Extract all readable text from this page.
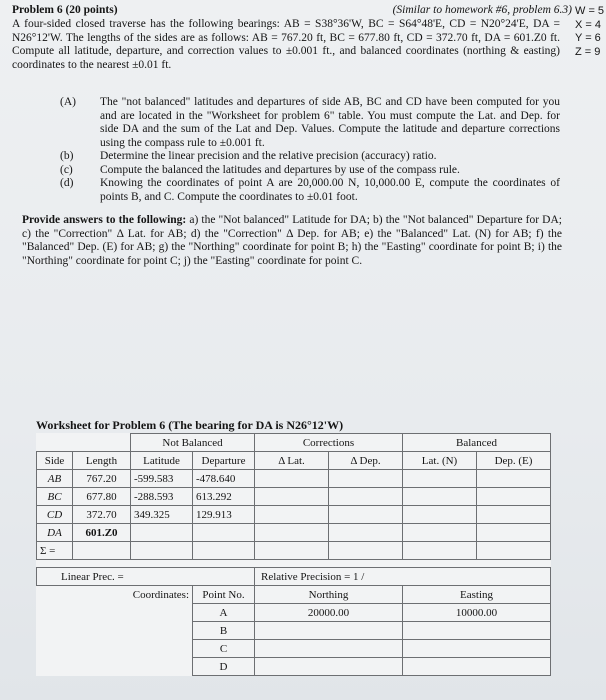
Problem 6 (20 points)	(Similar to homework #6, problem 6.3) W = 5
X = 4
Y = 6
Z = 9
A four-sided closed traverse has the following bearings: AB = S38°36'W, BC = S64°48'E, CD = N20°24'E, DA = N26°12'W. The lengths of the sides are as follows: AB = 767.20 ft, BC = 677.80 ft, CD = 372.70 ft, DA = 601.Z0 ft. Compute all latitude, departure, and correction values to ±0.001 ft., and balanced coordinates (northing & easting) coordinates to the nearest ±0.01 ft.
(A)	The "not balanced" latitudes and departures of side AB, BC and CD have been computed for you and are located in the "Worksheet for problem 6" table. You must compute the Lat. and Dep. for side DA and the sum of the Lat and Dep. Values. Compute the latitude and departure corrections using the compass rule to ±0.001 ft.
(b)	Determine the linear precision and the relative precision (accuracy) ratio.
(c)	Compute the balanced the latitudes and departures by use of the compass rule.
(d)	Knowing the coordinates of point A are 20,000.00 N, 10,000.00 E, compute the coordinates of points B, and C. Compute the coordinates to ±0.01 foot.
Provide answers to the following: a) the "Not balanced" Latitude for DA; b) the "Not balanced" Departure for DA; c) the "Correction" Δ Lat. for AB; d) the "Correction" Δ Dep. for AB; e) the "Balanced" Lat. (N) for AB; f) the "Balanced" Dep. (E) for AB; g) the "Northing" coordinate for point B; h) the "Easting" coordinate for point B; i) the "Northing" coordinate for point C; j) the "Easting" coordinate for point C.
Worksheet for Problem 6 (The bearing for DA is N26°12'W)
		Not Balanced		Corrections		Balanced	
Side	Length	Latitude	Departure	Δ Lat.	Δ Dep.	Lat. (N)	Dep. (E)
AB	767.20	-599.583	-478.640				
BC	677.80	-288.593	613.292				
CD	372.70	349.325	129.913				
DA	601.Z0						
Σ =							

Linear Prec. =				Relative Precision = 1 /			
Coordinates:			Point No.	Northing		Easting	
			A	20000.00		10000.00	
			B				
			C				
			D				
